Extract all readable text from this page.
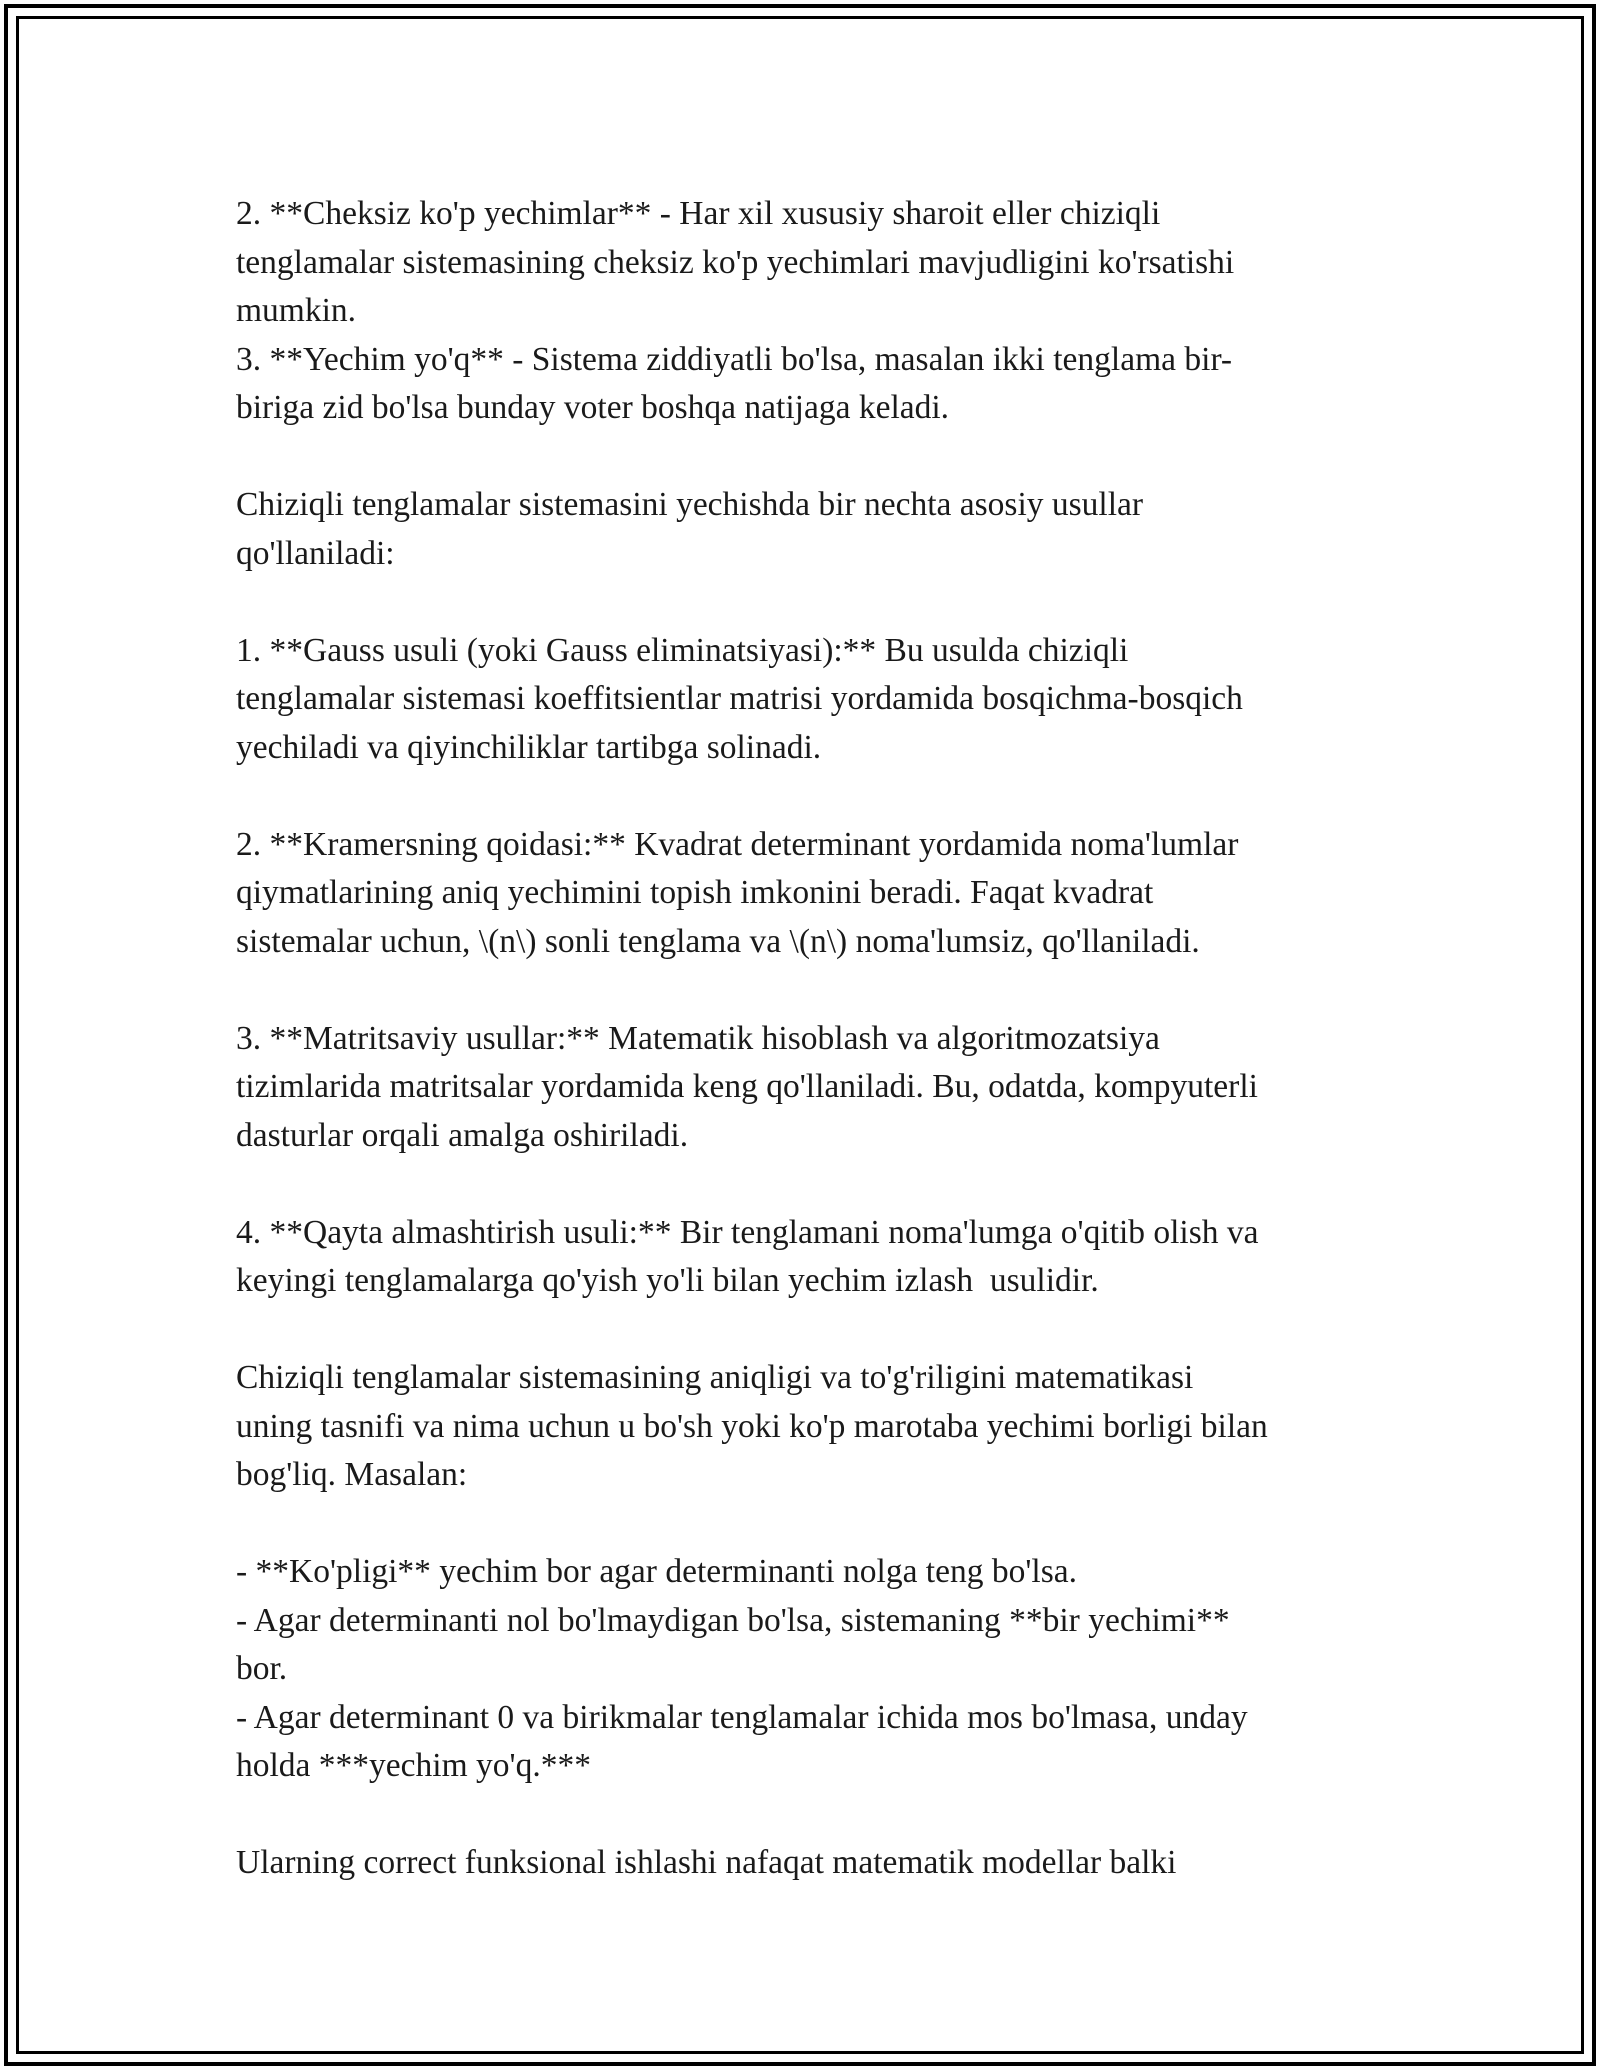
2. **Cheksiz ko'p yechimlar** - Har xil xususiy sharoit eller chiziqli

tenglamalar sistemasining cheksiz ko'p yechimlari mavjudligini ko'rsatishi

mumkin.

3. **Yechim yo'q** - Sistema ziddiyatli bo'lsa, masalan ikki tenglama bir-

biriga zid bo'lsa bunday voter boshqa natijaga keladi.

Chiziqli tenglamalar sistemasini yechishda bir nechta asosiy usullar

qo'llaniladi:

1. **Gauss usuli (yoki Gauss eliminatsiyasi):** Bu usulda chiziqli

tenglamalar sistemasi koeffitsientlar matrisi yordamida bosqichma-bosqich

yechiladi va qiyinchiliklar tartibga solinadi.

2. **Kramersning qoidasi:** Kvadrat determinant yordamida noma'lumlar

qiymatlarining aniq yechimini topish imkonini beradi. Faqat kvadrat

sistemalar uchun, \(n\) sonli tenglama va \(n\) noma'lumsiz, qo'llaniladi.

3. **Matritsaviy usullar:** Matematik hisoblash va algoritmozatsiya

tizimlarida matritsalar yordamida keng qo'llaniladi. Bu, odatda, kompyuterli

dasturlar orqali amalga oshiriladi.

4. **Qayta almashtirish usuli:** Bir tenglamani noma'lumga o'qitib olish va

keyingi tenglamalarga qo'yish yo'li bilan yechim izlash  usulidir.

Chiziqli tenglamalar sistemasining aniqligi va to'g'riligini matematikasi

uning tasnifi va nima uchun u bo'sh yoki ko'p marotaba yechimi borligi bilan

bog'liq. Masalan:

- **Ko'pligi** yechim bor agar determinanti nolga teng bo'lsa.

- Agar determinanti nol bo'lmaydigan bo'lsa, sistemaning **bir yechimi**

bor.

- Agar determinant 0 va birikmalar tenglamalar ichida mos bo'lmasa, unday

holda ***yechim yo'q.***

Ularning correct funksional ishlashi nafaqat matematik modellar balki
